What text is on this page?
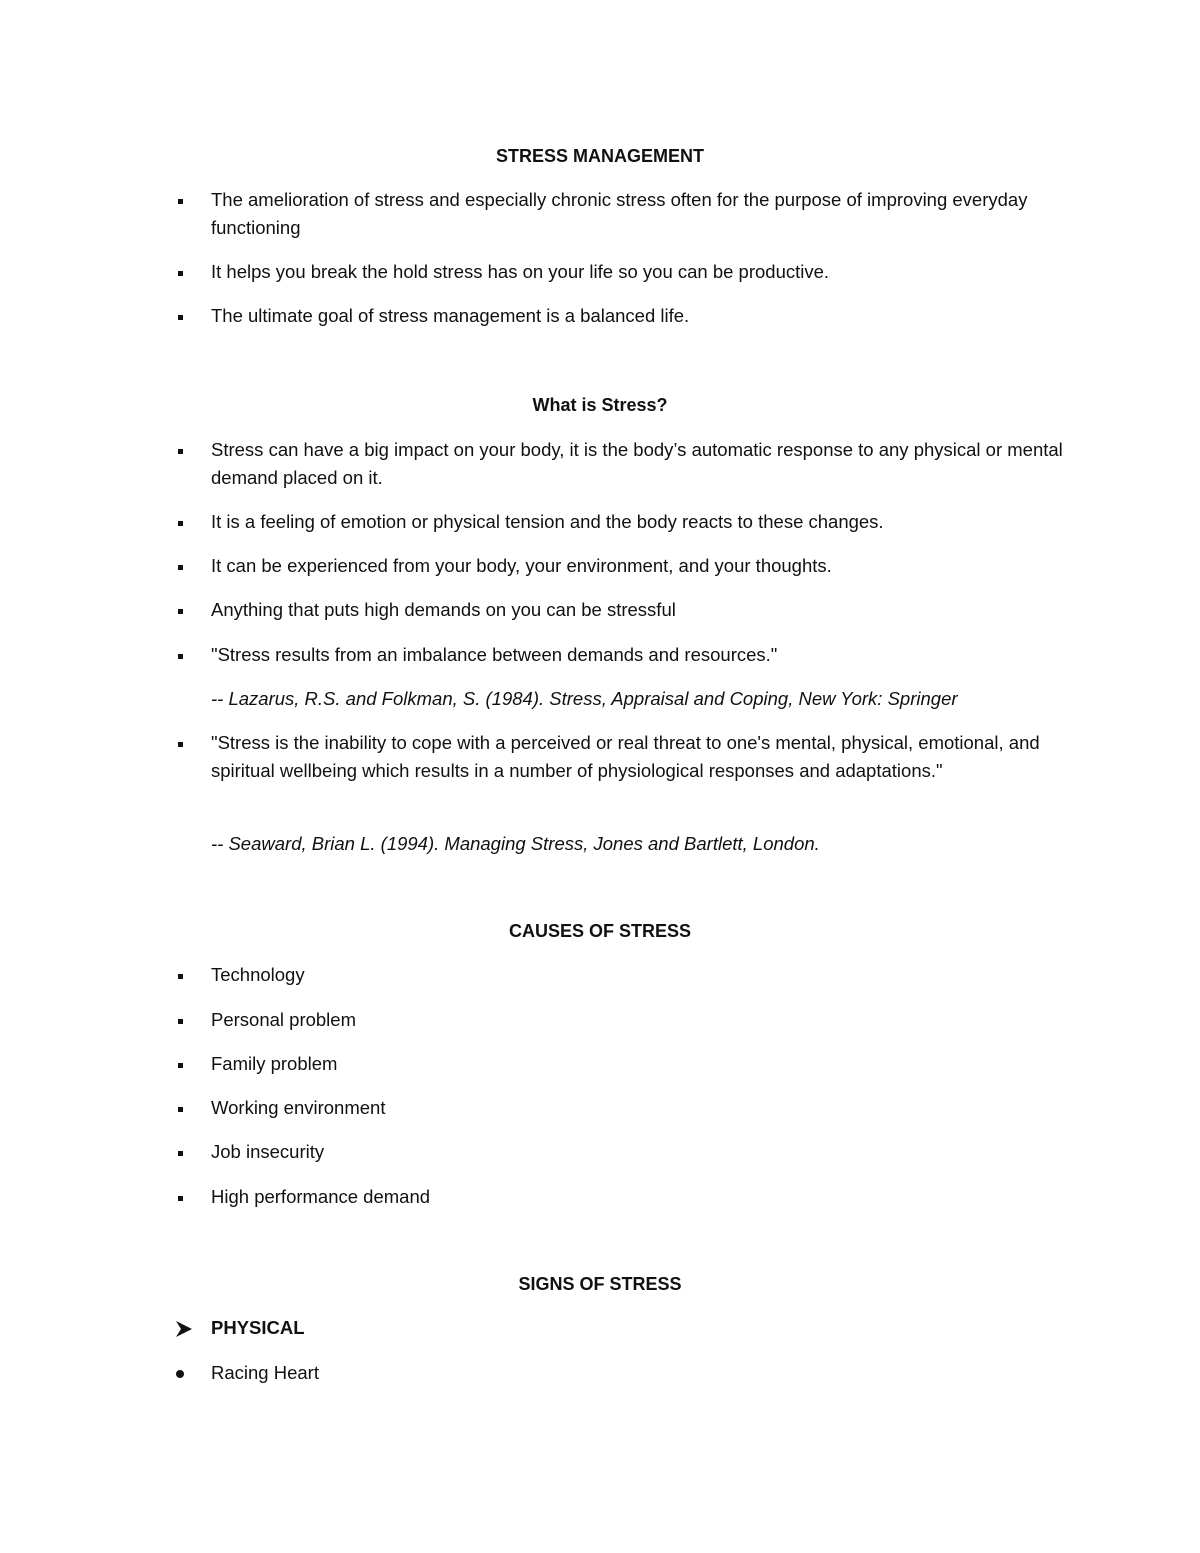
STRESS MANAGEMENT
The amelioration of stress and especially chronic stress often for the purpose of improving everyday functioning
It helps you break the hold stress has on your life so you can be productive.
The ultimate goal of stress management is a balanced life.
What is Stress?
Stress can have a big impact on your body, it is the body’s automatic response to any physical or mental demand placed on it.
It is a feeling of emotion or physical tension and the body reacts to these changes.
It can be experienced from your body, your environment, and your thoughts.
Anything that puts high demands on you can be stressful
"Stress results from an imbalance between demands and resources."
-- Lazarus, R.S. and Folkman, S. (1984). Stress, Appraisal and Coping, New York: Springer
"Stress is the inability to cope with a perceived or real threat to one's mental, physical, emotional, and spiritual wellbeing which results in a number of physiological responses and adaptations."
-- Seaward, Brian L. (1994). Managing Stress, Jones and Bartlett, London.
CAUSES OF STRESS
Technology
Personal problem
Family problem
Working environment
Job insecurity
High performance demand
SIGNS OF STRESS
PHYSICAL
Racing Heart
